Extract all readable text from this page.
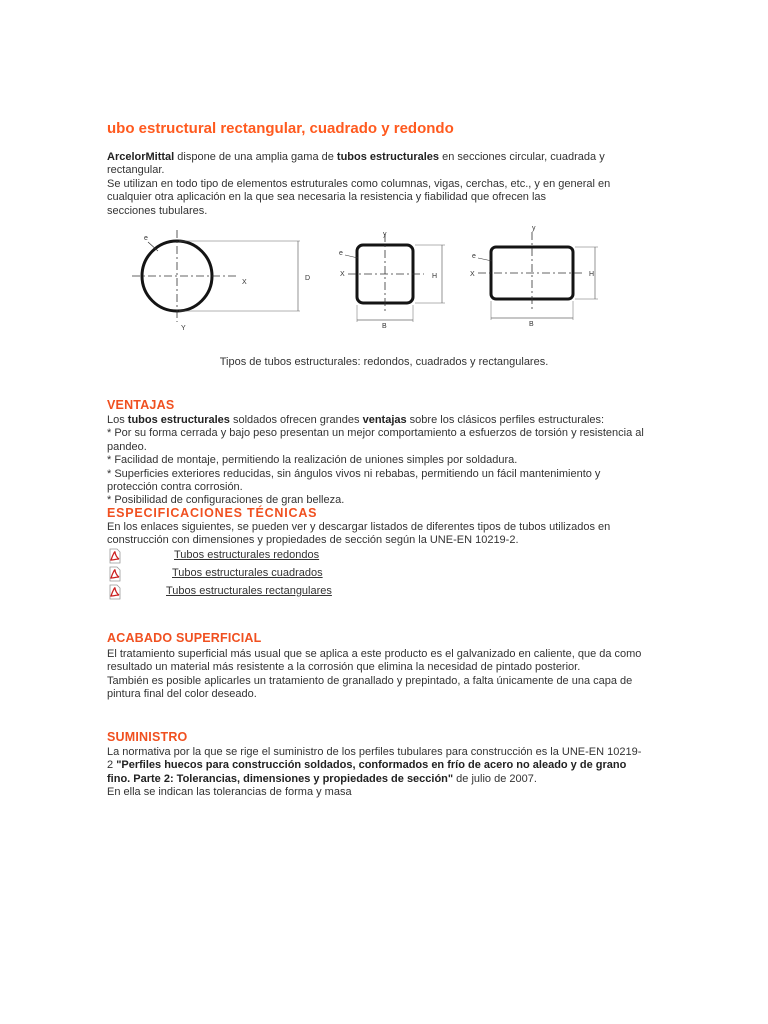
ubo estructural rectangular, cuadrado y redondo
ArcelorMittal dispone de una amplia gama de tubos estructurales en secciones circular, cuadrada y
rectangular.
Se utilizan en todo tipo de elementos estruturales como columnas, vigas, cerchas, etc., y en general en
cualquier otra aplicación en la que sea necesaria la resistencia y fiabilidad que ofrecen las
secciones tubulares.
e
X
Y
D
y
X
e
H
B
y
X
e
H
B
Tipos de tubos estructurales: redondos, cuadrados y rectangulares.
VENTAJAS
Los tubos estructurales soldados ofrecen grandes ventajas sobre los clásicos perfiles estructurales:
* Por su forma cerrada y bajo peso presentan un mejor comportamiento a esfuerzos de torsión y resistencia al
pandeo.
* Facilidad de montaje, permitiendo la realización de uniones simples por soldadura.
* Superficies exteriores reducidas, sin ángulos vivos ni rebabas, permitiendo un fácil mantenimiento y
protección contra corrosión.
* Posibilidad de configuraciones de gran belleza.
ESPECIFICACIONES TÉCNICAS
En los enlaces siguientes, se pueden ver y descargar listados de diferentes tipos de tubos utilizados en
construcción con dimensiones y propiedades de sección según la UNE-EN 10219-2.
Tubos estructurales redondos
Tubos estructurales cuadrados
Tubos estructurales rectangulares
ACABADO SUPERFICIAL
El tratamiento superficial más usual que se aplica a este producto es el galvanizado en caliente, que da como
resultado un material más resistente a la corrosión que elimina la necesidad de pintado posterior.
También es posible aplicarles un tratamiento de granallado y prepintado, a falta únicamente de una capa de
pintura final del color deseado.
SUMINISTRO
La normativa por la que se rige el suministro de los perfiles tubulares para construcción es la UNE-EN 10219-
2 "Perfiles huecos para construcción soldados, conformados en frío de acero no aleado y de grano
fino. Parte 2: Tolerancias, dimensiones y propiedades de sección" de julio de 2007.
En ella se indican las tolerancias de forma y masa
